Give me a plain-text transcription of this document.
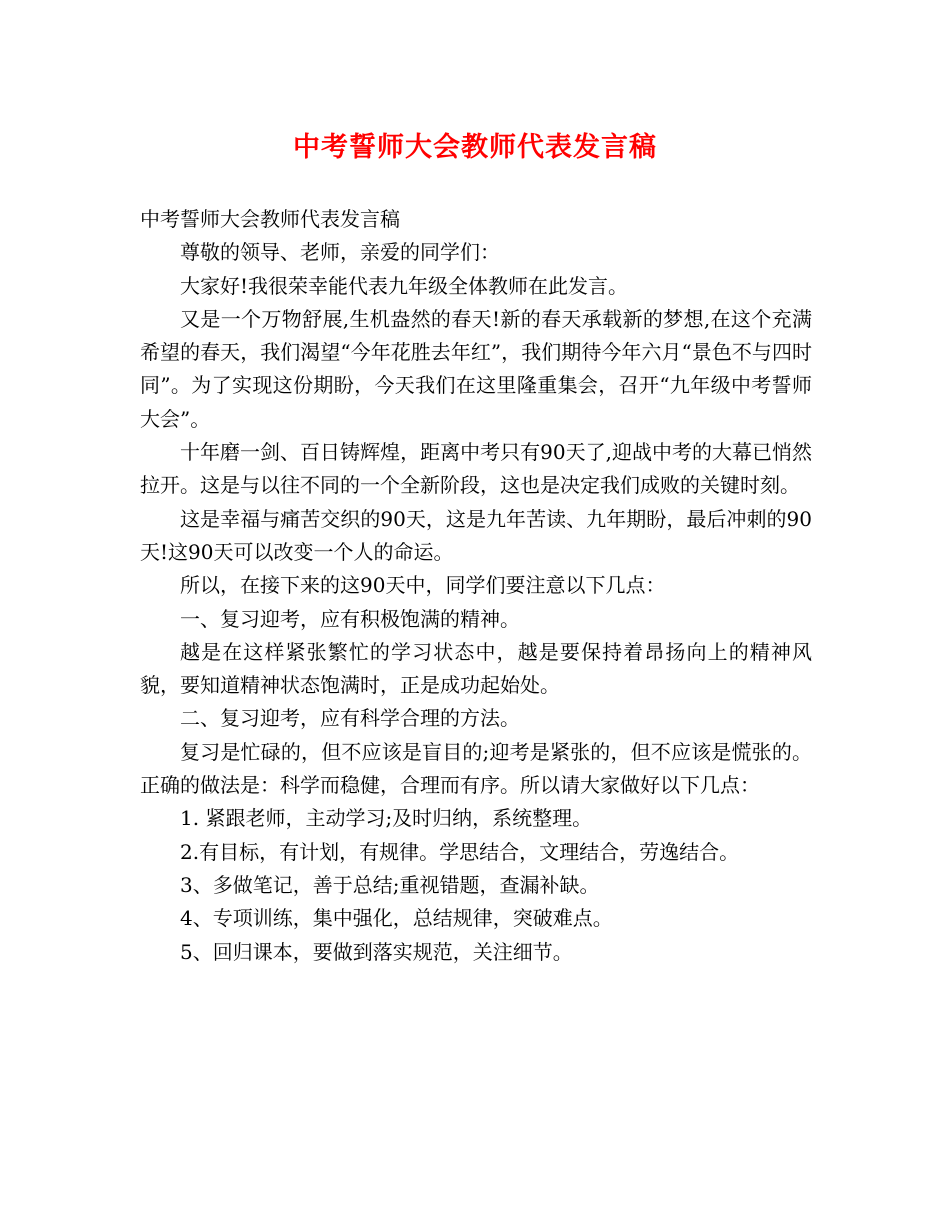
中考誓师大会教师代表发言稿

中考誓师大会教师代表发言稿

尊敬的领导、老师，亲爱的同学们：

大家好!我很荣幸能代表九年级全体教师在此发言。

又是一个万物舒展,生机盎然的春天!新的春天承载新的梦想,在这个充满希望的春天，我们渴望“今年花胜去年红”，我们期待今年六月“景色不与四时同”。为了实现这份期盼，今天我们在这里隆重集会，召开“九年级中考誓师大会”。

十年磨一剑、百日铸辉煌，距离中考只有90天了,迎战中考的大幕已悄然拉开。这是与以往不同的一个全新阶段，这也是决定我们成败的关键时刻。

这是幸福与痛苦交织的90天，这是九年苦读、九年期盼，最后冲刺的90天!这90天可以改变一个人的命运。

所以，在接下来的这90天中，同学们要注意以下几点：

一、复习迎考，应有积极饱满的精神。

越是在这样紧张繁忙的学习状态中，越是要保持着昂扬向上的精神风貌，要知道精神状态饱满时，正是成功起始处。

二、复习迎考，应有科学合理的方法。

复习是忙碌的，但不应该是盲目的;迎考是紧张的，但不应该是慌张的。正确的做法是：科学而稳健，合理而有序。所以请大家做好以下几点：

1. 紧跟老师，主动学习;及时归纳，系统整理。

2.有目标，有计划，有规律。学思结合，文理结合，劳逸结合。

3、多做笔记，善于总结;重视错题，查漏补缺。

4、专项训练，集中强化，总结规律，突破难点。

5、回归课本，要做到落实规范，关注细节。
